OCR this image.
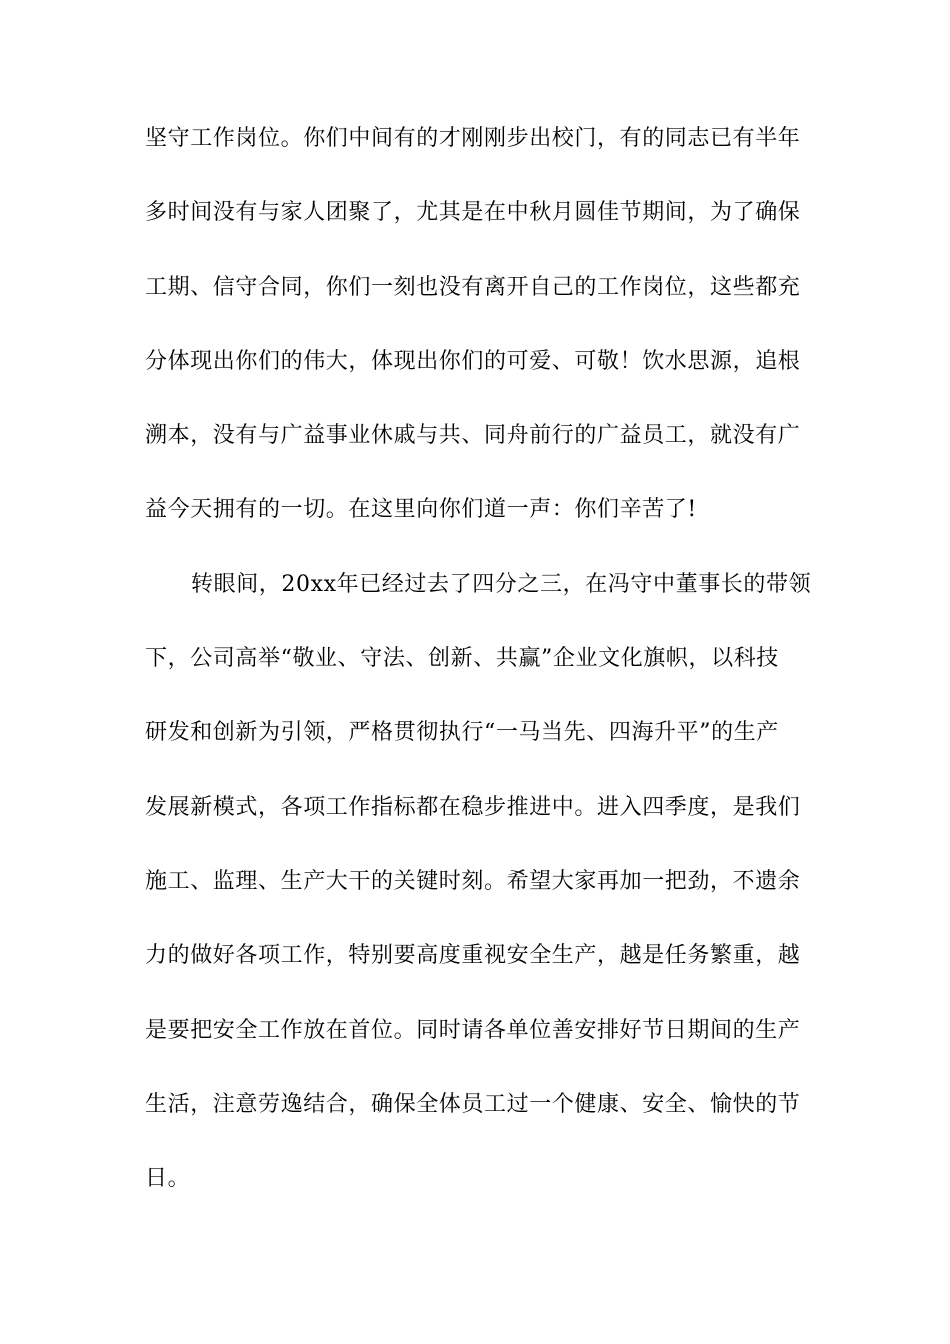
坚守工作岗位。你们中间有的才刚刚步出校门，有的同志已有半年
多时间没有与家人团聚了，尤其是在中秋月圆佳节期间，为了确保
工期、信守合同，你们一刻也没有离开自己的工作岗位，这些都充
分体现出你们的伟大，体现出你们的可爱、可敬！饮水思源，追根
溯本，没有与广益事业休戚与共、同舟前行的广益员工，就没有广
益今天拥有的一切。在这里向你们道一声：你们辛苦了!
转眼间，20xx年已经过去了四分之三，在冯守中董事长的带领
下，公司高举“敬业、守法、创新、共赢”企业文化旗帜，以科技
研发和创新为引领，严格贯彻执行“一马当先、四海升平”的生产
发展新模式，各项工作指标都在稳步推进中。进入四季度，是我们
施工、监理、生产大干的关键时刻。希望大家再加一把劲，不遗余
力的做好各项工作，特别要高度重视安全生产，越是任务繁重，越
是要把安全工作放在首位。同时请各单位善安排好节日期间的生产
生活，注意劳逸结合，确保全体员工过一个健康、安全、愉快的节
日。
